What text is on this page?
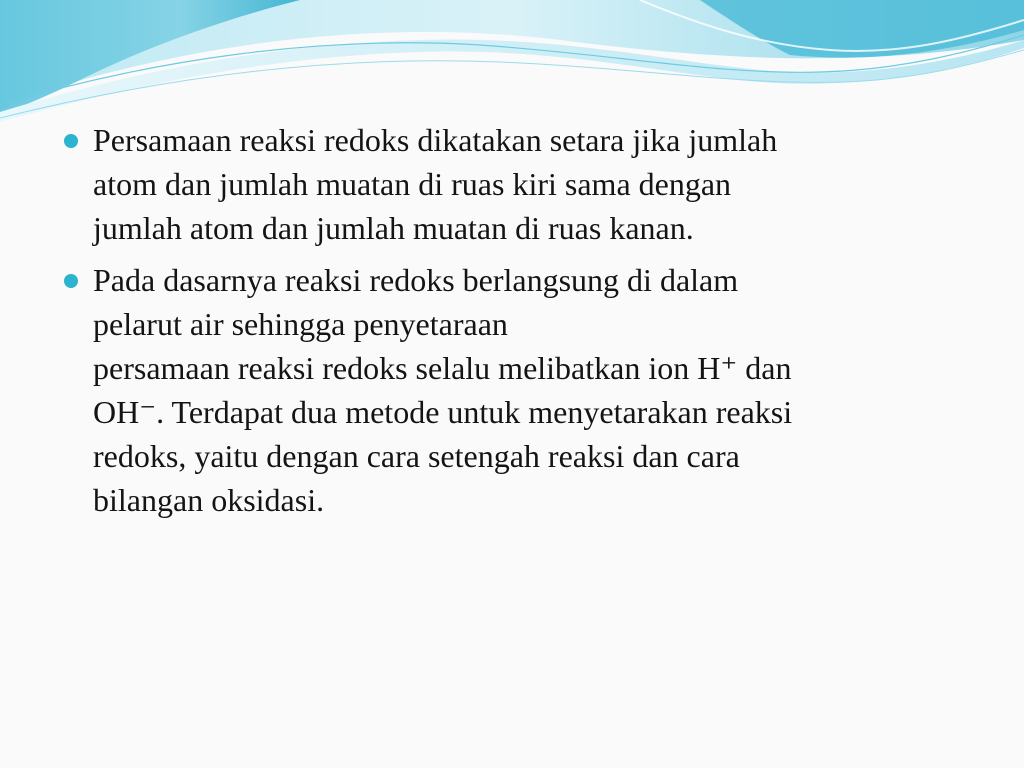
Persamaan reaksi redoks dikatakan setara jika jumlah
atom dan jumlah muatan di ruas kiri sama dengan
jumlah atom dan jumlah muatan di ruas kanan.
Pada dasarnya reaksi redoks berlangsung di dalam
pelarut air sehingga penyetaraan
persamaan reaksi redoks selalu melibatkan ion H⁺ dan
OH⁻. Terdapat dua metode untuk menyetarakan reaksi
redoks, yaitu dengan cara setengah reaksi dan cara
bilangan oksidasi.
